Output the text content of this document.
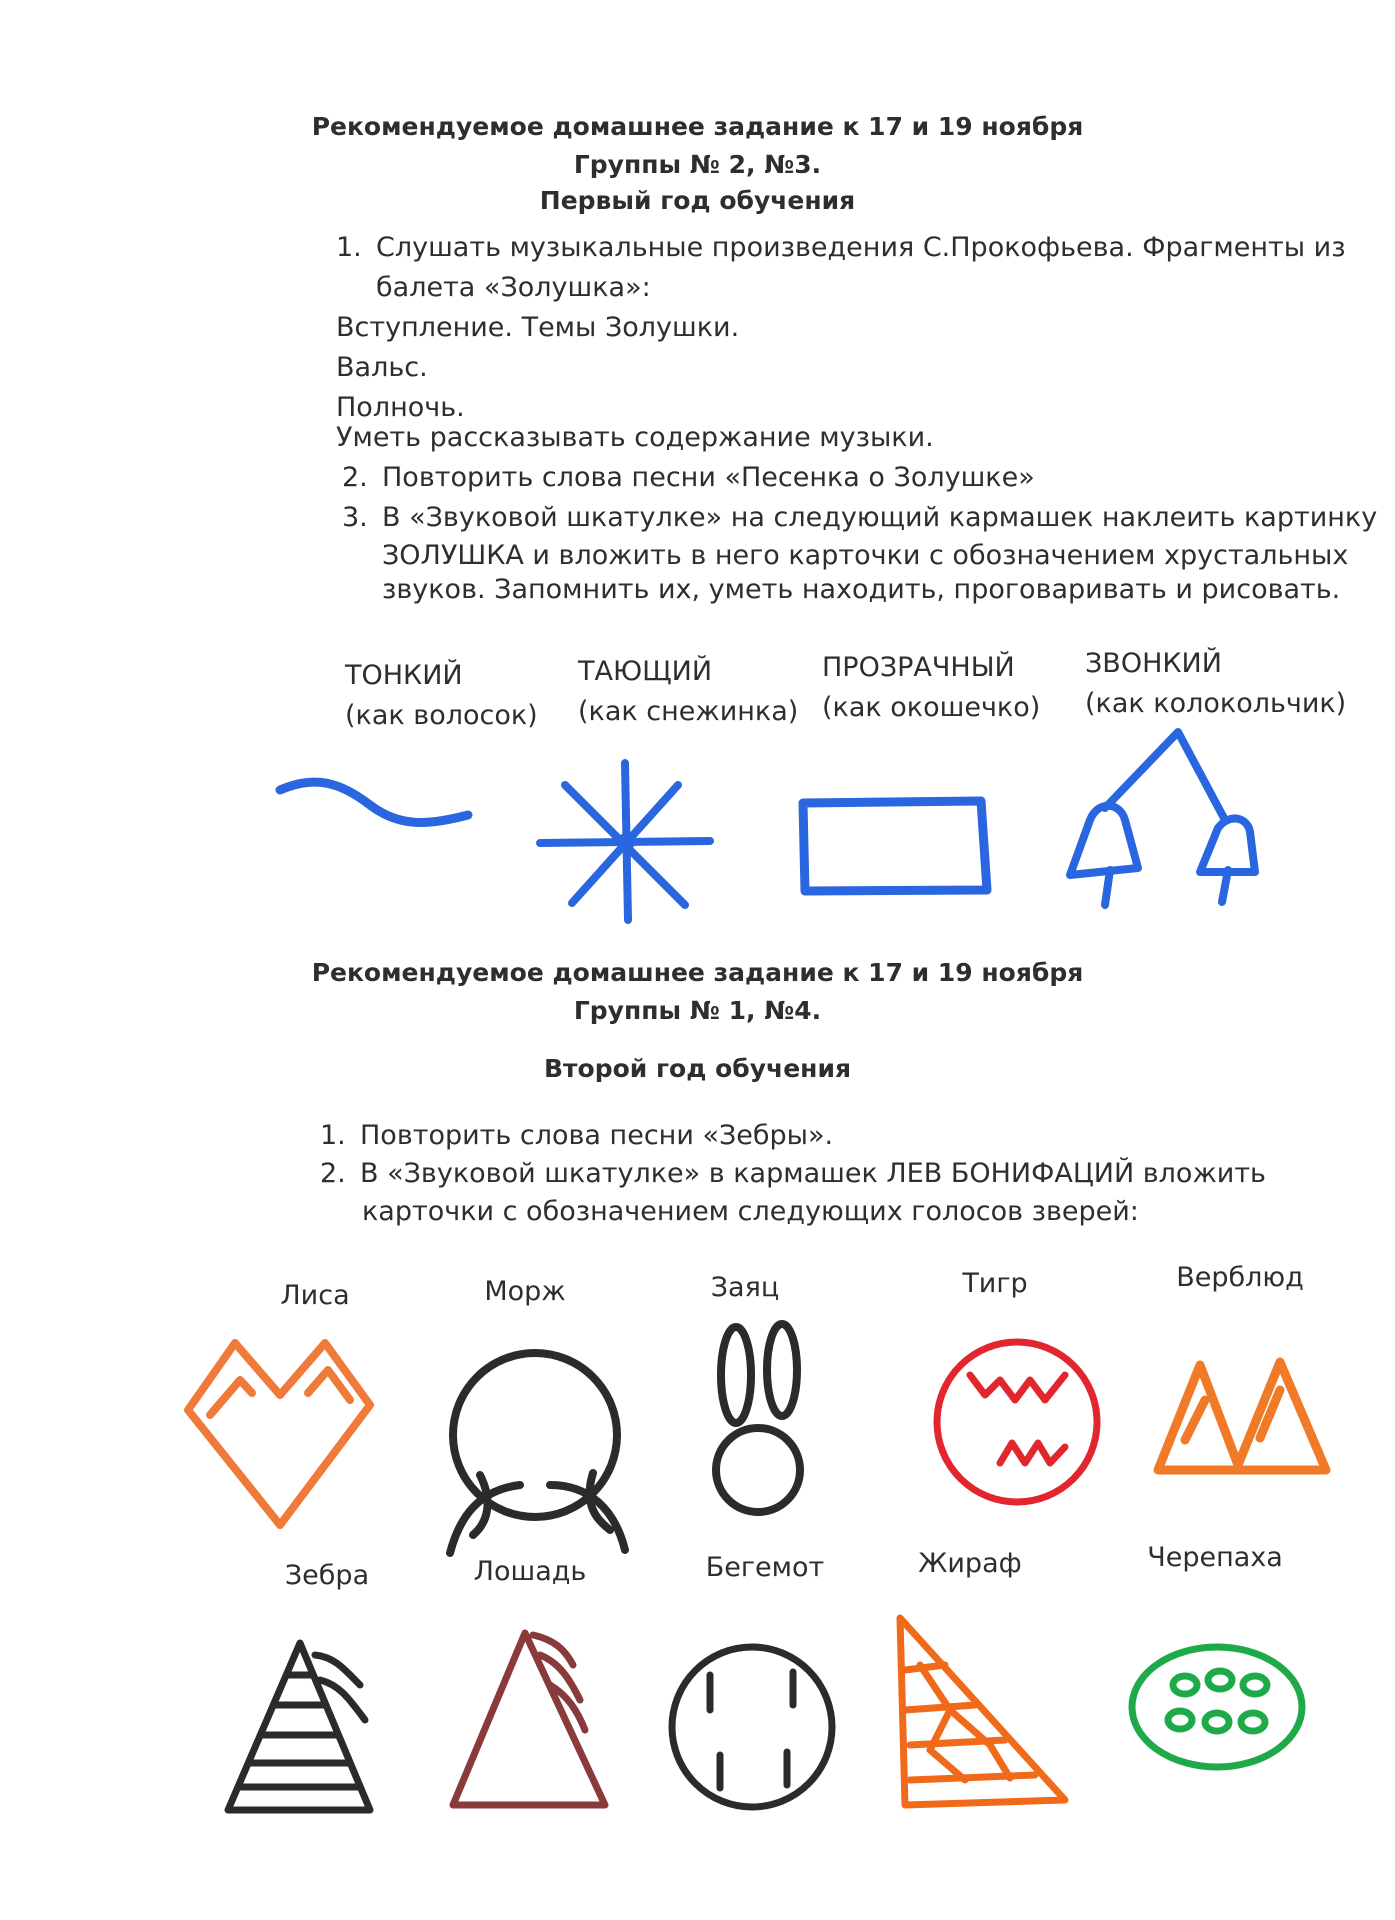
Рекомендуемое домашнее задание к 17 и 19 ноября
Группы № 2, №3.
Первый год обучения
1. Слушать музыкальные произведения С.Прокофьева. Фрагменты из
балета «Золушка»:
Вступление. Темы Золушки.
Вальс.
Полночь.
Уметь рассказывать содержание музыки.
2. Повторить слова песни «Песенка о Золушке»
3. В «Звуковой шкатулке» на следующий кармашек наклеить картинку
ЗОЛУШКА и вложить в него карточки с обозначением хрустальных
звуков. Запомнить их, уметь находить, проговаривать и рисовать.
ТОНКИЙ
(как волосок)
ТАЮЩИЙ
(как снежинка)
ПРОЗРАЧНЫЙ
(как окошечко)
ЗВОНКИЙ
(как колокольчик)
Рекомендуемое домашнее задание к 17 и 19 ноября
Группы № 1, №4.
Второй год обучения
1. Повторить слова песни «Зебры».
2. В «Звуковой шкатулке» в кармашек ЛЕВ БОНИФАЦИЙ вложить
карточки с обозначением следующих голосов зверей:
Лиса	Морж	Заяц	Тигр	Верблюд
Зебра	Лошадь	Бегемот	Жираф	Черепаха
